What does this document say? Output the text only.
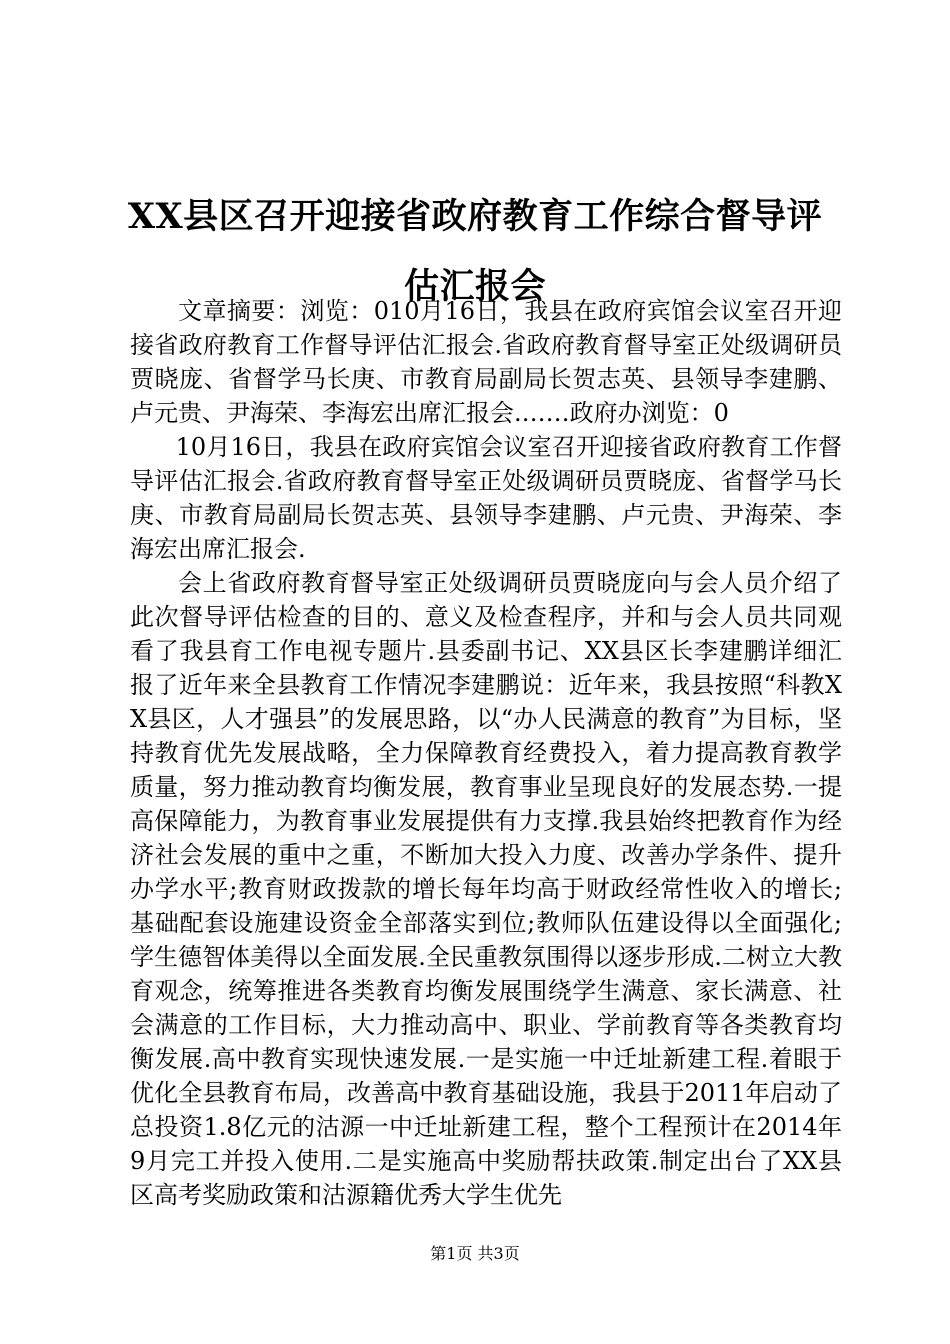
XX县区召开迎接省政府教育工作综合督导评
估汇报会

文章摘要：浏览：010月16日，我县在政府宾馆会议室召开迎接省政府教育工作督导评估汇报会.省政府教育督导室正处级调研员贾晓庞、省督学马长庚、市教育局副局长贺志英、县领导李建鹏、卢元贵、尹海荣、李海宏出席汇报会.……政府办浏览：0

10月16日，我县在政府宾馆会议室召开迎接省政府教育工作督导评估汇报会.省政府教育督导室正处级调研员贾晓庞、省督学马长庚、市教育局副局长贺志英、县领导李建鹏、卢元贵、尹海荣、李海宏出席汇报会.

会上省政府教育督导室正处级调研员贾晓庞向与会人员介绍了此次督导评估检查的目的、意义及检查程序，并和与会人员共同观看了我县育工作电视专题片.县委副书记、XX县区长李建鹏详细汇报了近年来全县教育工作情况李建鹏说：近年来，我县按照“科教XX县区，人才强县”的发展思路，以“办人民满意的教育”为目标，坚持教育优先发展战略，全力保障教育经费投入，着力提高教育教学质量，努力推动教育均衡发展，教育事业呈现良好的发展态势.一提高保障能力，为教育事业发展提供有力支撑.我县始终把教育作为经济社会发展的重中之重，不断加大投入力度、改善办学条件、提升办学水平;教育财政拨款的增长每年均高于财政经常性收入的增长;基础配套设施建设资金全部落实到位;教师队伍建设得以全面强化;学生德智体美得以全面发展.全民重教氛围得以逐步形成.二树立大教育观念，统筹推进各类教育均衡发展围绕学生满意、家长满意、社会满意的工作目标，大力推动高中、职业、学前教育等各类教育均衡发展.高中教育实现快速发展.一是实施一中迁址新建工程.着眼于优化全县教育布局，改善高中教育基础设施，我县于2011年启动了总投资1.8亿元的沽源一中迁址新建工程，整个工程预计在2014年9月完工并投入使用.二是实施高中奖励帮扶政策.制定出台了XX县区高考奖励政策和沽源籍优秀大学生优先

第1页 共3页
